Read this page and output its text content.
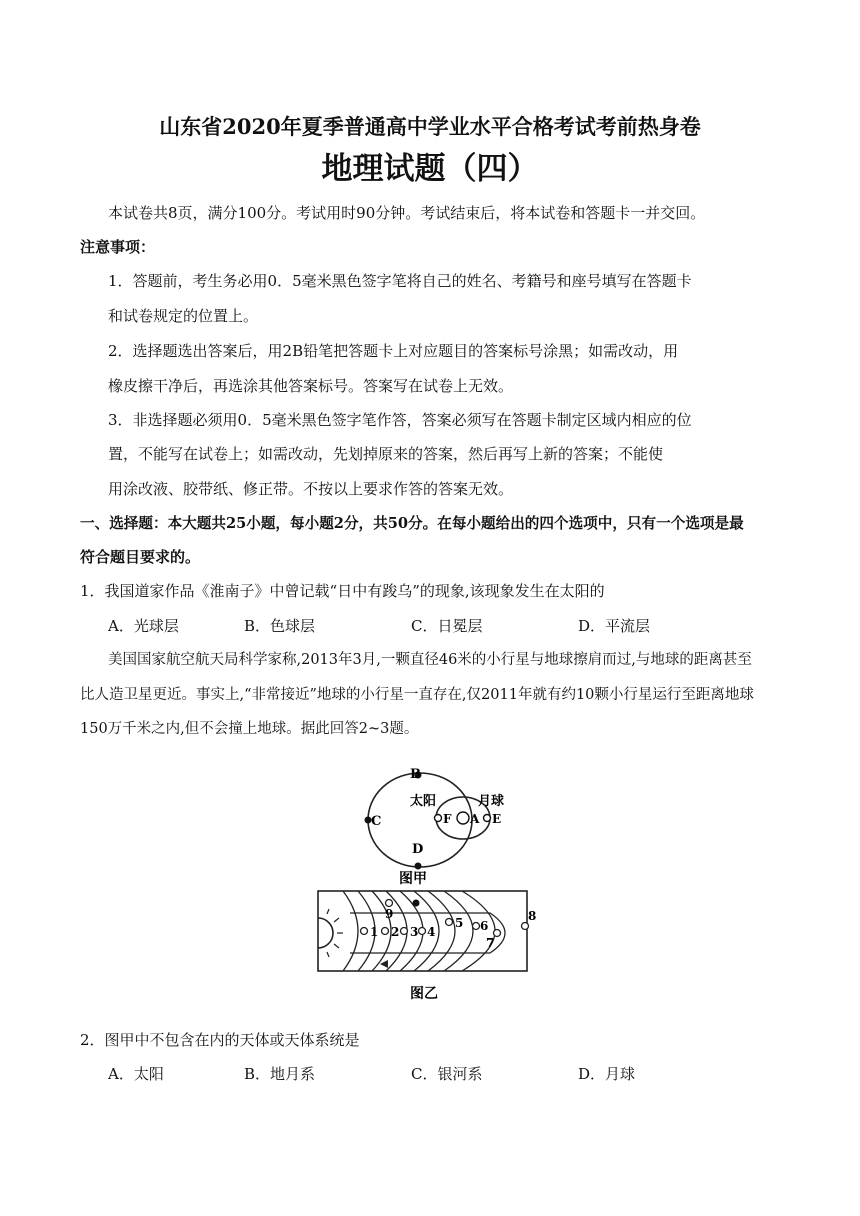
山东省2020年夏季普通高中学业水平合格考试考前热身卷
地理试题（四）
本试卷共8页，满分100分。考试用时90分钟。考试结束后，将本试卷和答题卡一并交回。
注意事项：
1．答题前，考生务必用0．5毫米黑色签字笔将自己的姓名、考籍号和座号填写在答题卡
和试卷规定的位置上。
2．选择题选出答案后，用2B铅笔把答题卡上对应题目的答案标号涂黑；如需改动，用
橡皮擦干净后，再选涂其他答案标号。答案写在试卷上无效。
3．非选择题必须用0．5毫米黑色签字笔作答，答案必须写在答题卡制定区域内相应的位
置，不能写在试卷上；如需改动，先划掉原来的答案，然后再写上新的答案；不能使
用涂改液、胶带纸、修正带。不按以上要求作答的答案无效。
一、选择题：本大题共25小题，每小题2分，共50分。在每小题给出的四个选项中，只有一个选项是最
符合题目要求的。
1．我国道家作品《淮南子》中曾记载“日中有踆乌”的现象,该现象发生在太阳的
A．光球层	B．色球层	C．日冕层	D．平流层
美国国家航空航天局科学家称,2013年3月,一颗直径46米的小行星与地球擦肩而过,与地球的距离甚至
比人造卫星更近。事实上,“非常接近”地球的小行星一直存在,仅2011年就有约10颗小行星运行至距离地球
150万千米之内,但不会撞上地球。据此回答2~3题。
B
C
D
F A E
太阳	月球
图甲
1 2 3 4
5 6
7
8
9
图乙
2．图甲中不包含在内的天体或天体系统是
A．太阳	B．地月系	C．银河系	D．月球
